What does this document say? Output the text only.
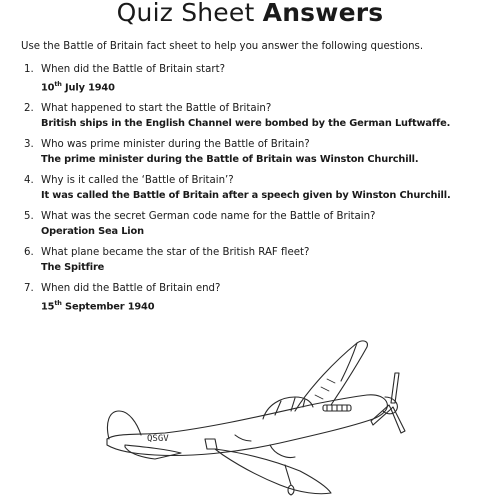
Quiz Sheet Answers
Use the Battle of Britain fact sheet to help you answer the following questions.
1. When did the Battle of Britain start?
10th July 1940
2. What happened to start the Battle of Britain?
British ships in the English Channel were bombed by the German Luftwaffe.
3. Who was prime minister during the Battle of Britain?
The prime minister during the Battle of Britain was Winston Churchill.
4. Why is it called the ‘Battle of Britain’?
It was called the Battle of Britain after a speech given by Winston Churchill.
5. What was the secret German code name for the Battle of Britain?
Operation Sea Lion
6. What plane became the star of the British RAF fleet?
The Spitfire
7. When did the Battle of Britain end?
15th September 1940
QSGV
